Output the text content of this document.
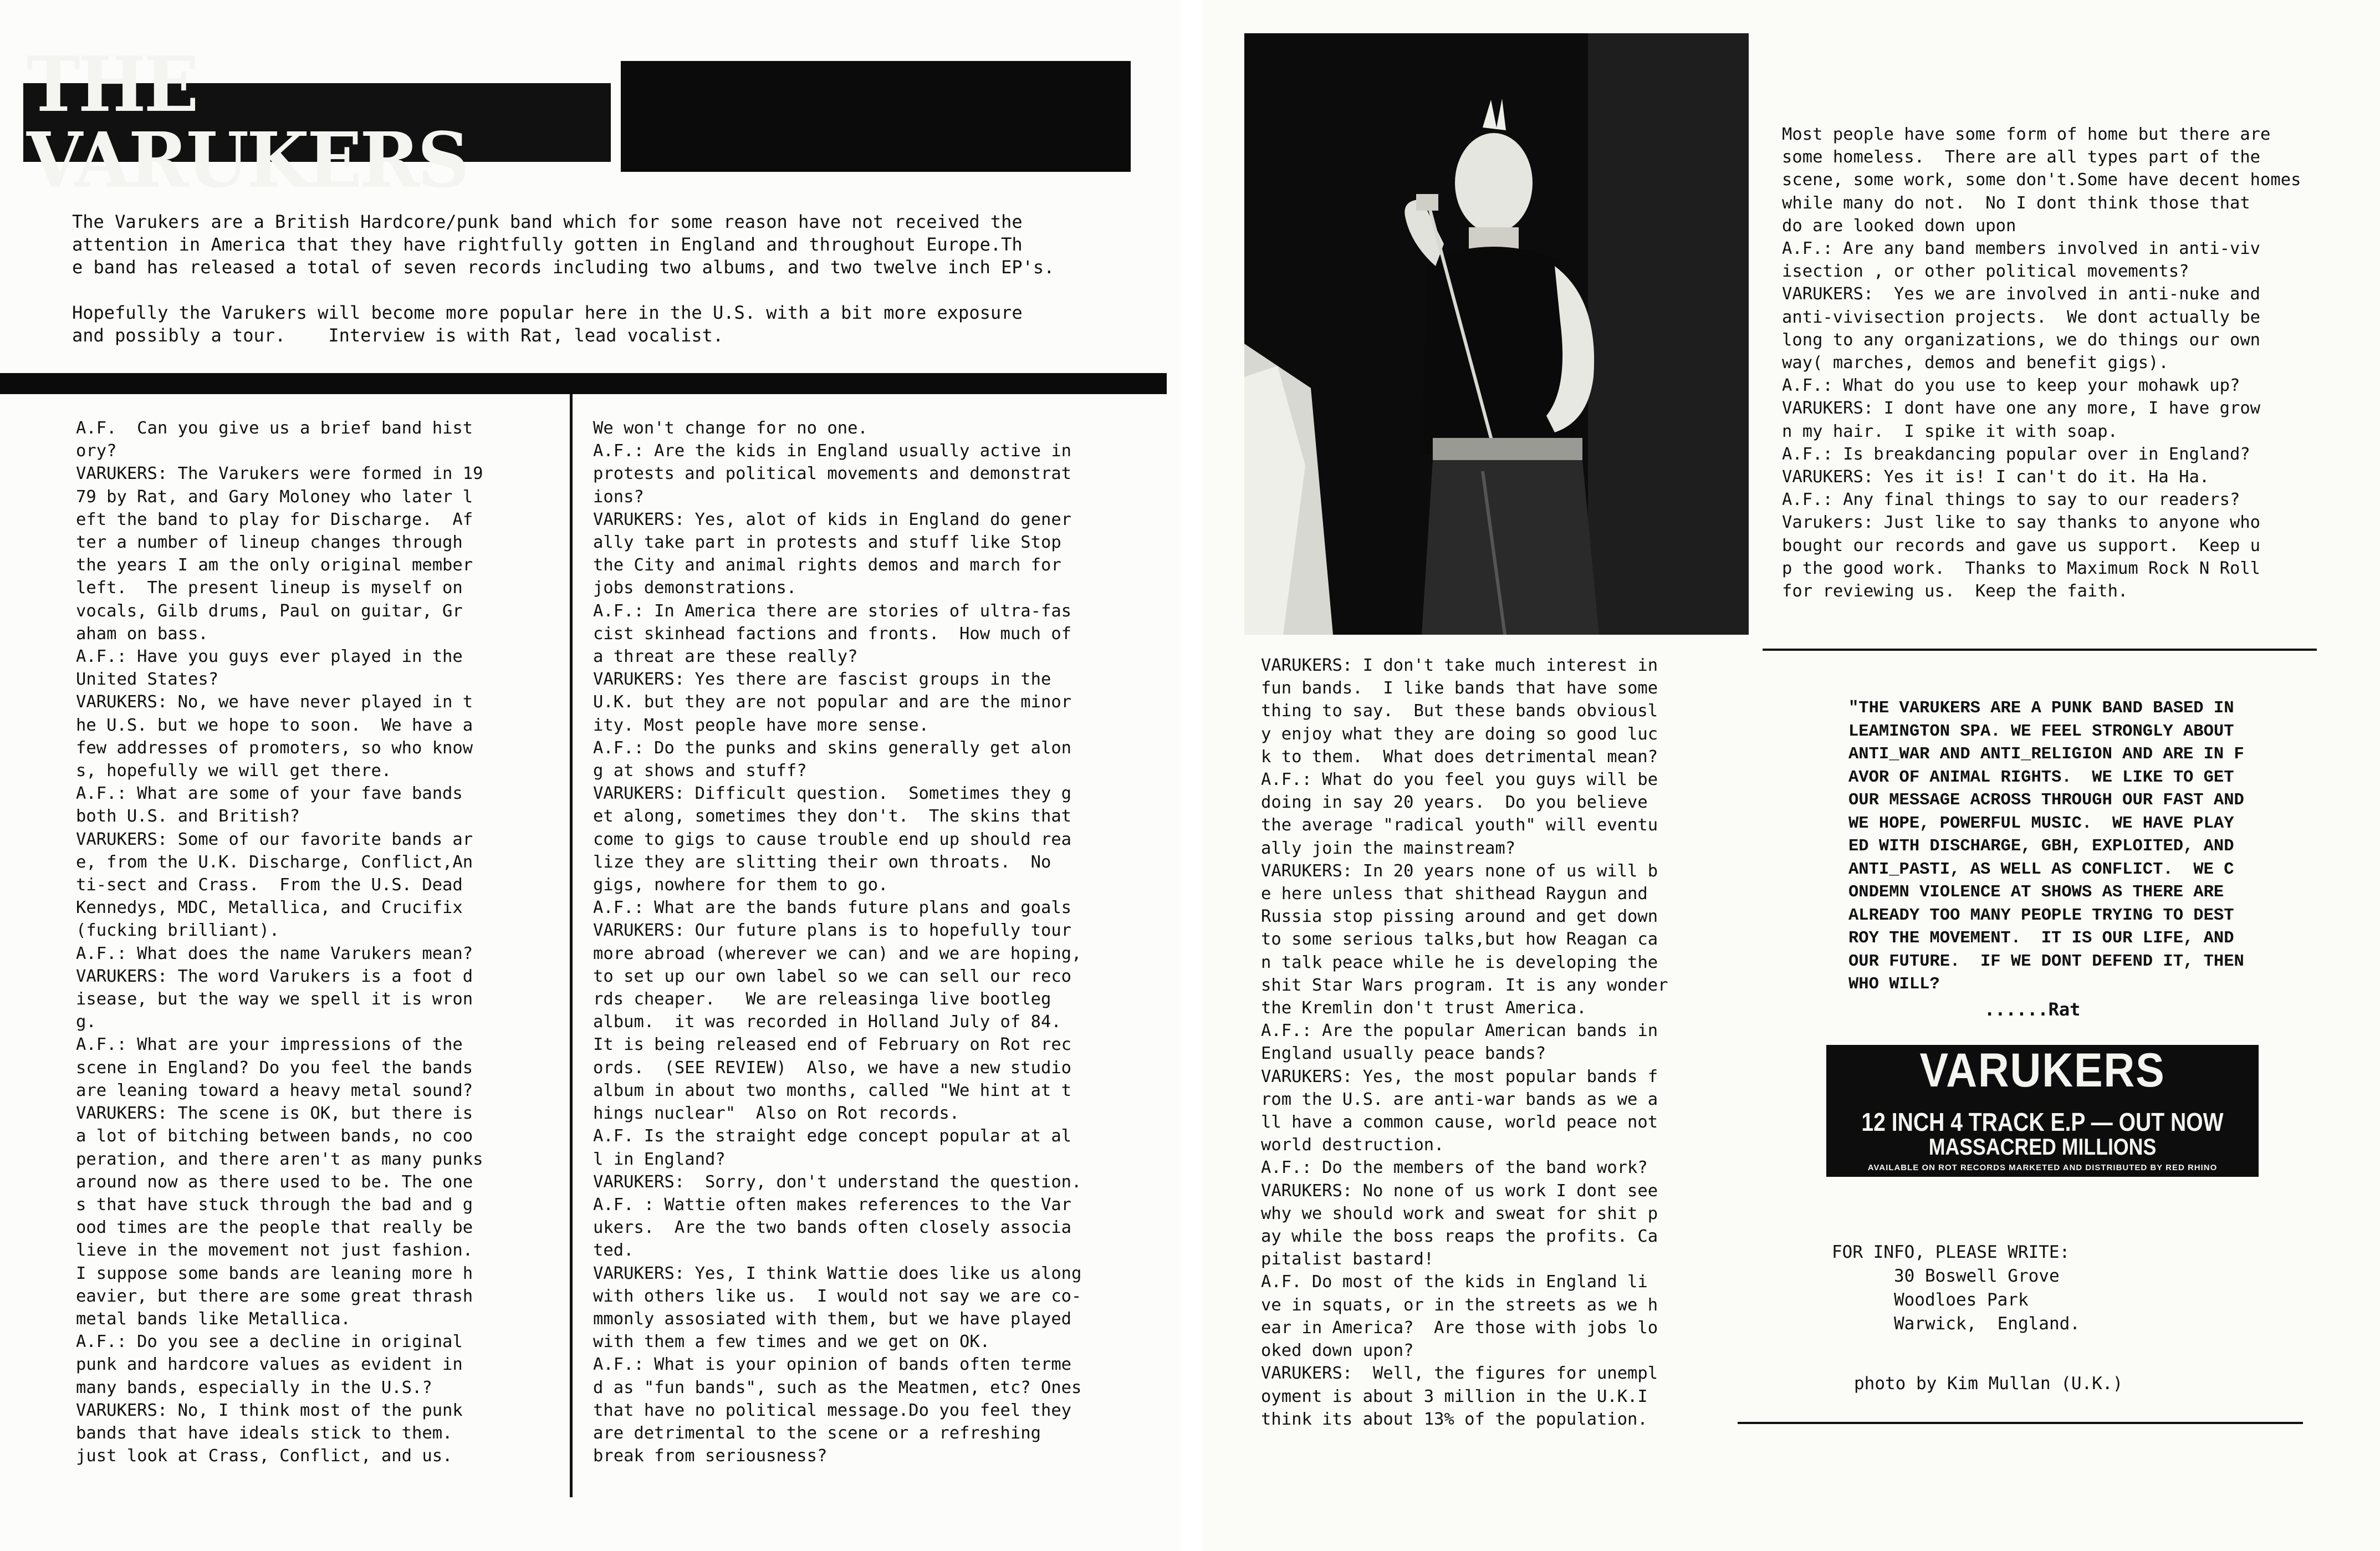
THE VARUKERS
The Varukers are a British Hardcore/punk band which for some reason have not received the
attention in America that they have rightfully gotten in England and throughout Europe.Th
e band has released a total of seven records including two albums, and two twelve inch EP's.

Hopefully the Varukers will become more popular here in the U.S. with a bit more exposure
and possibly a tour.    Interview is with Rat, lead vocalist.
A.F.  Can you give us a brief band hist
ory?
VARUKERS: The Varukers were formed in 19
79 by Rat, and Gary Moloney who later l
eft the band to play for Discharge.  Af
ter a number of lineup changes through
the years I am the only original member
left.  The present lineup is myself on
vocals, Gilb drums, Paul on guitar, Gr
aham on bass.
A.F.: Have you guys ever played in the
United States?
VARUKERS: No, we have never played in t
he U.S. but we hope to soon.  We have a
few addresses of promoters, so who know
s, hopefully we will get there.
A.F.: What are some of your fave bands
both U.S. and British?
VARUKERS: Some of our favorite bands ar
e, from the U.K. Discharge, Conflict,An
ti-sect and Crass.  From the U.S. Dead
Kennedys, MDC, Metallica, and Crucifix
(fucking brilliant).
A.F.: What does the name Varukers mean?
VARUKERS: The word Varukers is a foot d
isease, but the way we spell it is wron
g.
A.F.: What are your impressions of the
scene in England? Do you feel the bands
are leaning toward a heavy metal sound?
VARUKERS: The scene is OK, but there is
a lot of bitching between bands, no coo
peration, and there aren't as many punks
around now as there used to be. The one
s that have stuck through the bad and g
ood times are the people that really be
lieve in the movement not just fashion.
I suppose some bands are leaning more h
eavier, but there are some great thrash
metal bands like Metallica.
A.F.: Do you see a decline in original
punk and hardcore values as evident in
many bands, especially in the U.S.?
VARUKERS: No, I think most of the punk
bands that have ideals stick to them.
just look at Crass, Conflict, and us.
We won't change for no one.
A.F.: Are the kids in England usually active in
protests and political movements and demonstrat
ions?
VARUKERS: Yes, alot of kids in England do gener
ally take part in protests and stuff like Stop
the City and animal rights demos and march for
jobs demonstrations.
A.F.: In America there are stories of ultra-fas
cist skinhead factions and fronts.  How much of
a threat are these really?
VARUKERS: Yes there are fascist groups in the
U.K. but they are not popular and are the minor
ity. Most people have more sense.
A.F.: Do the punks and skins generally get alon
g at shows and stuff?
VARUKERS: Difficult question.  Sometimes they g
et along, sometimes they don't.  The skins that
come to gigs to cause trouble end up should rea
lize they are slitting their own throats.  No
gigs, nowhere for them to go.
A.F.: What are the bands future plans and goals
VARUKERS: Our future plans is to hopefully tour
more abroad (wherever we can) and we are hoping,
to set up our own label so we can sell our reco
rds cheaper.   We are releasinga live bootleg
album.  it was recorded in Holland July of 84.
It is being released end of February on Rot rec
ords.  (SEE REVIEW)  Also, we have a new studio
album in about two months, called "We hint at t
hings nuclear"  Also on Rot records.
A.F. Is the straight edge concept popular at al
l in England?
VARUKERS:  Sorry, don't understand the question.
A.F. : Wattie often makes references to the Var
ukers.  Are the two bands often closely associa
ted.
VARUKERS: Yes, I think Wattie does like us along
with others like us.  I would not say we are co-
mmonly assosiated with them, but we have played
with them a few times and we get on OK.
A.F.: What is your opinion of bands often terme
d as "fun bands", such as the Meatmen, etc? Ones
that have no political message.Do you feel they
are detrimental to the scene or a refreshing
break from seriousness?
VARUKERS: I don't take much interest in
fun bands.  I like bands that have some
thing to say.  But these bands obviousl
y enjoy what they are doing so good luc
k to them.  What does detrimental mean?
A.F.: What do you feel you guys will be
doing in say 20 years.  Do you believe
the average "radical youth" will eventu
ally join the mainstream?
VARUKERS: In 20 years none of us will b
e here unless that shithead Raygun and
Russia stop pissing around and get down
to some serious talks,but how Reagan ca
n talk peace while he is developing the
shit Star Wars program. It is any wonder
the Kremlin don't trust America.
A.F.: Are the popular American bands in
England usually peace bands?
VARUKERS: Yes, the most popular bands f
rom the U.S. are anti-war bands as we a
ll have a common cause, world peace not
world destruction.
A.F.: Do the members of the band work?
VARUKERS: No none of us work I dont see
why we should work and sweat for shit p
ay while the boss reaps the profits. Ca
pitalist bastard!
A.F. Do most of the kids in England li
ve in squats, or in the streets as we h
ear in America?  Are those with jobs lo
oked down upon?
VARUKERS:  Well, the figures for unempl
oyment is about 3 million in the U.K.I
think its about 13% of the population.
Most people have some form of home but there are
some homeless.  There are all types part of the
scene, some work, some don't.Some have decent homes
while many do not.  No I dont think those that
do are looked down upon
A.F.: Are any band members involved in anti-viv
isection , or other political movements?
VARUKERS:  Yes we are involved in anti-nuke and
anti-vivisection projects.  We dont actually be
long to any organizations, we do things our own
way( marches, demos and benefit gigs).
A.F.: What do you use to keep your mohawk up?
VARUKERS: I dont have one any more, I have grow
n my hair.  I spike it with soap.
A.F.: Is breakdancing popular over in England?
VARUKERS: Yes it is! I can't do it. Ha Ha.
A.F.: Any final things to say to our readers?
Varukers: Just like to say thanks to anyone who
bought our records and gave us support.  Keep u
p the good work.  Thanks to Maximum Rock N Roll
for reviewing us.  Keep the faith.
"THE VARUKERS ARE A PUNK BAND BASED IN
LEAMINGTON SPA. WE FEEL STRONGLY ABOUT
ANTI_WAR AND ANTI_RELIGION AND ARE IN F
AVOR OF ANIMAL RIGHTS.  WE LIKE TO GET
OUR MESSAGE ACROSS THROUGH OUR FAST AND
WE HOPE, POWERFUL MUSIC.  WE HAVE PLAY
ED WITH DISCHARGE, GBH, EXPLOITED, AND
ANTI_PASTI, AS WELL AS CONFLICT.  WE C
ONDEMN VIOLENCE AT SHOWS AS THERE ARE
ALREADY TOO MANY PEOPLE TRYING TO DEST
ROY THE MOVEMENT.  IT IS OUR LIFE, AND
OUR FUTURE.  IF WE DONT DEFEND IT, THEN
WHO WILL?
......Rat
VARUKERS
12 INCH 4 TRACK E.P — OUT NOW
MASSACRED MILLIONS
AVAILABLE ON ROT RECORDS MARKETED AND DISTRIBUTED BY RED RHINO
FOR INFO, PLEASE WRITE:
30 Boswell Grove
Woodloes Park
Warwick,  England.
photo by Kim Mullan (U.K.)
